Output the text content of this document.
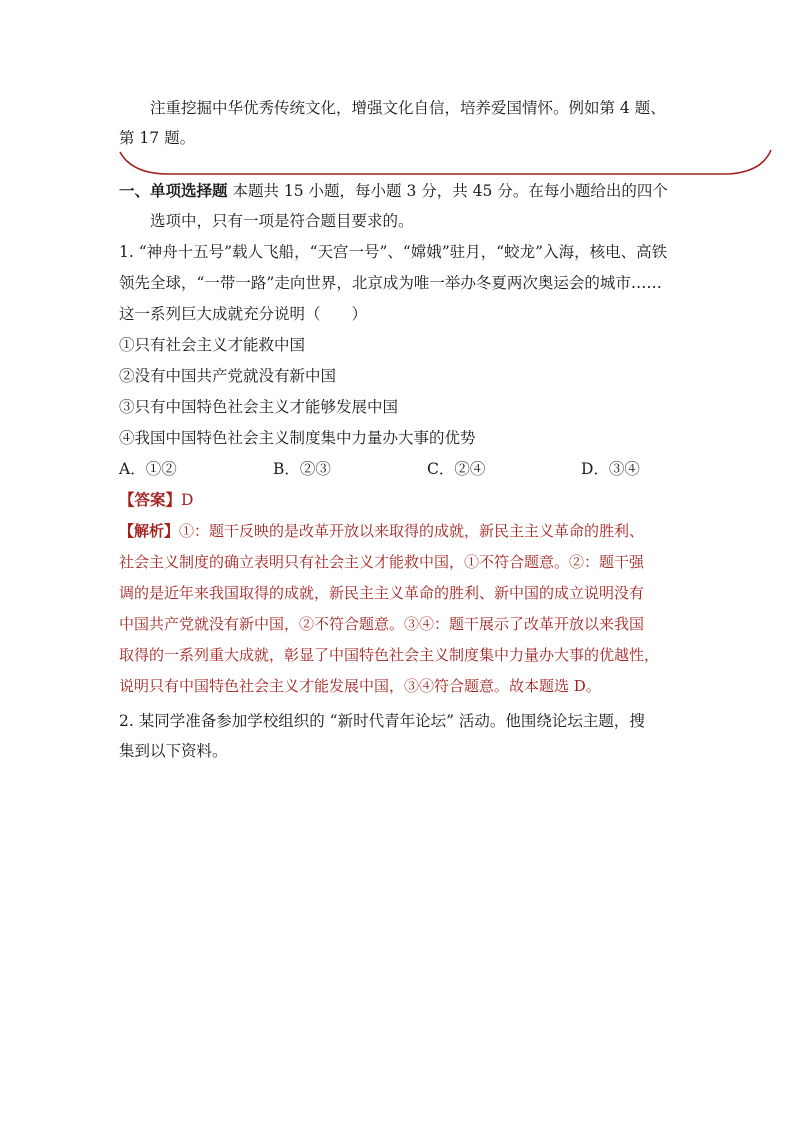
注重挖掘中华优秀传统文化，增强文化自信，培养爱国情怀。例如第 4 题、
第 17 题。
一、单项选择题 本题共 15 小题，每小题 3 分，共 45 分。在每小题给出的四个
选项中，只有一项是符合题目要求的。
1. “神舟十五号”载人飞船，“天宫一号”、“嫦娥”驻月，“蛟龙”入海，核电、高铁
领先全球，“一带一路”走向世界，北京成为唯一举办冬夏两次奥运会的城市……
这一系列巨大成就充分说明（　　）
①只有社会主义才能救中国
②没有中国共产党就没有新中国
③只有中国特色社会主义才能够发展中国
④我国中国特色社会主义制度集中力量办大事的优势
A．①②	B．②③	C．②④	D．③④
【答案】D
【解析】①：题干反映的是改革开放以来取得的成就，新民主主义革命的胜利、
社会主义制度的确立表明只有社会主义才能救中国，①不符合题意。②：题干强
调的是近年来我国取得的成就，新民主主义革命的胜利、新中国的成立说明没有
中国共产党就没有新中国，②不符合题意。③④：题干展示了改革开放以来我国
取得的一系列重大成就，彰显了中国特色社会主义制度集中力量办大事的优越性，
说明只有中国特色社会主义才能发展中国，③④符合题意。故本题选 D。
2. 某同学准备参加学校组织的 “新时代青年论坛” 活动。他围绕论坛主题，搜
集到以下资料。
